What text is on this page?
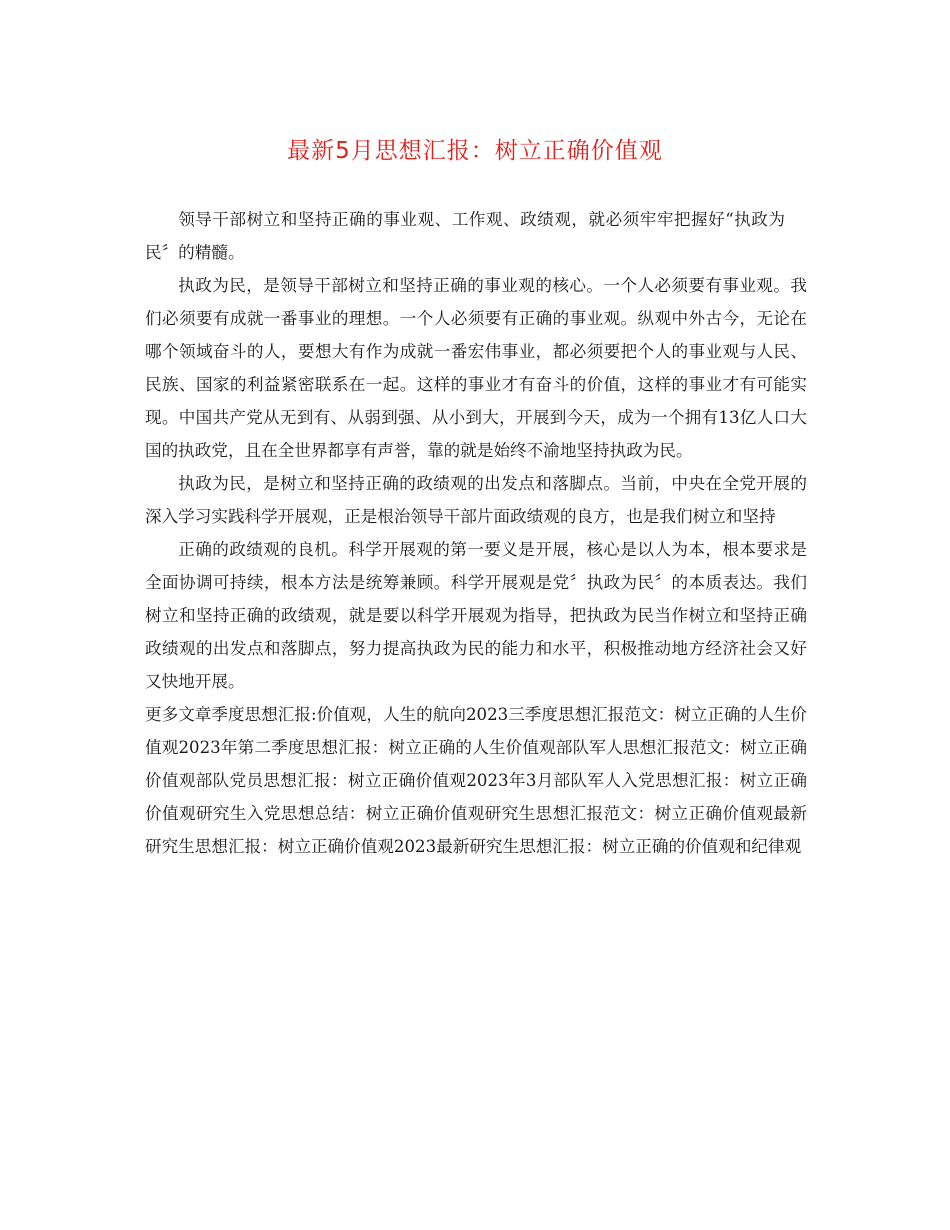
最新5月思想汇报：树立正确价值观

领导干部树立和坚持正确的事业观、工作观、政绩观，就必须牢牢把握好“执政为民〞的精髓。

执政为民，是领导干部树立和坚持正确的事业观的核心。一个人必须要有事业观。我们必须要有成就一番事业的理想。一个人必须要有正确的事业观。纵观中外古今，无论在哪个领域奋斗的人，要想大有作为成就一番宏伟事业，都必须要把个人的事业观与人民、民族、国家的利益紧密联系在一起。这样的事业才有奋斗的价值，这样的事业才有可能实现。中国共产党从无到有、从弱到强、从小到大，开展到今天，成为一个拥有13亿人口大国的执政党，且在全世界都享有声誉，靠的就是始终不渝地坚持执政为民。

执政为民，是树立和坚持正确的政绩观的出发点和落脚点。当前，中央在全党开展的深入学习实践科学开展观，正是根治领导干部片面政绩观的良方，也是我们树立和坚持

正确的政绩观的良机。科学开展观的第一要义是开展，核心是以人为本，根本要求是全面协调可持续，根本方法是统筹兼顾。科学开展观是党〞执政为民〞的本质表达。我们树立和坚持正确的政绩观，就是要以科学开展观为指导，把执政为民当作树立和坚持正确政绩观的出发点和落脚点，努力提高执政为民的能力和水平，积极推动地方经济社会又好又快地开展。

更多文章季度思想汇报:价值观，人生的航向2023三季度思想汇报范文：树立正确的人生价值观2023年第二季度思想汇报：树立正确的人生价值观部队军人思想汇报范文：树立正确价值观部队党员思想汇报：树立正确价值观2023年3月部队军人入党思想汇报：树立正确价值观研究生入党思想总结：树立正确价值观研究生思想汇报范文：树立正确价值观最新研究生思想汇报：树立正确价值观2023最新研究生思想汇报：树立正确的价值观和纪律观
